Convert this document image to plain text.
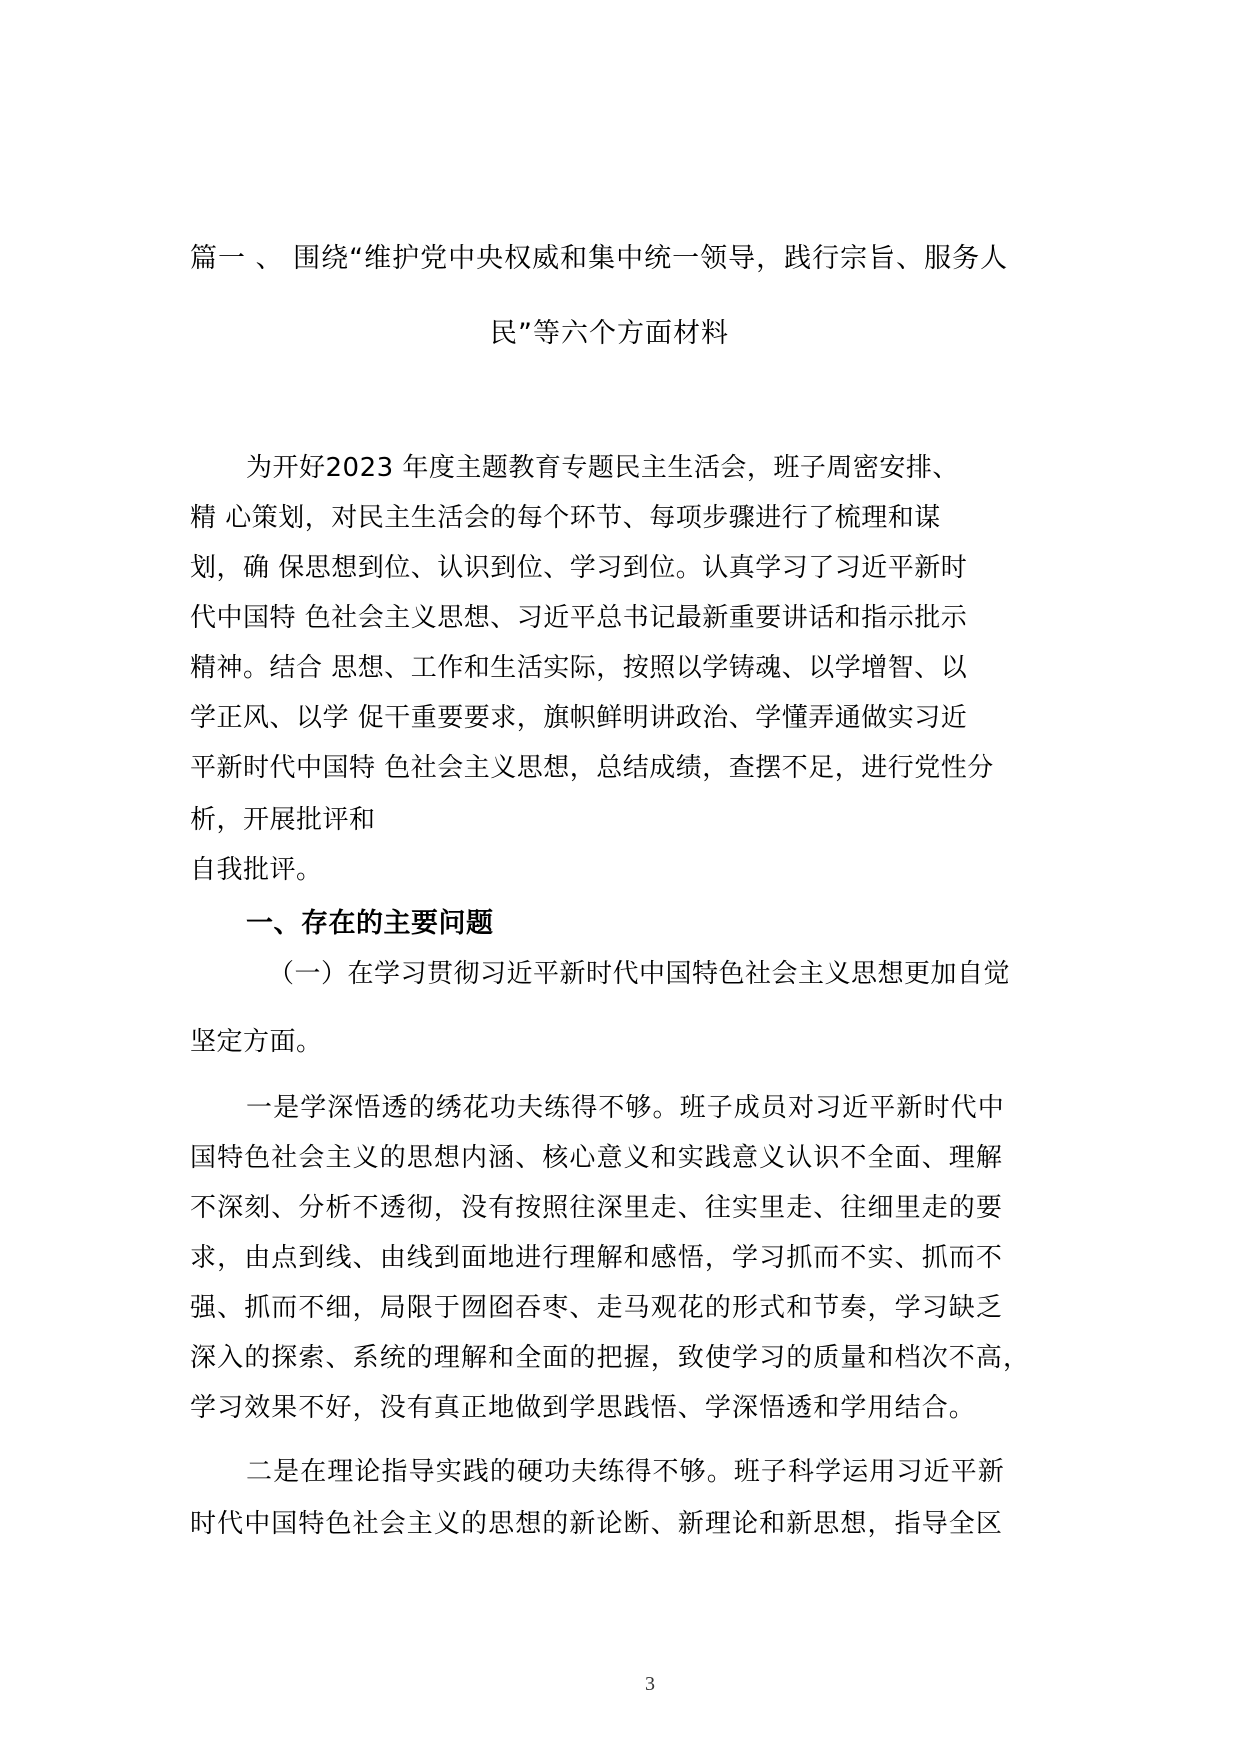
篇一 、 围绕“维护党中央权威和集中统一领导，践行宗旨、服务人
民”等六个方面材料
为开好2023 年度主题教育专题民主生活会，班子周密安排、
精 心策划，对民主生活会的每个环节、每项步骤进行了梳理和谋
划，确 保思想到位、认识到位、学习到位。认真学习了习近平新时
代中国特 色社会主义思想、习近平总书记最新重要讲话和指示批示
精神。结合 思想、工作和生活实际，按照以学铸魂、以学增智、以
学正风、以学 促干重要要求，旗帜鲜明讲政治、学懂弄通做实习近
平新时代中国特 色社会主义思想，总结成绩，查摆不足，进行党性分
析，开展批评和
自我批评。
一、存在的主要问题
（一）在学习贯彻习近平新时代中国特色社会主义思想更加自觉
坚定方面。
一是学深悟透的绣花功夫练得不够。班子成员对习近平新时代中
国特色社会主义的思想内涵、核心意义和实践意义认识不全面、理解
不深刻、分析不透彻，没有按照往深里走、往实里走、往细里走的要
求，由点到线、由线到面地进行理解和感悟，学习抓而不实、抓而不
强、抓而不细，局限于囫囵吞枣、走马观花的形式和节奏，学习缺乏
深入的探索、系统的理解和全面的把握，致使学习的质量和档次不高，
学习效果不好，没有真正地做到学思践悟、学深悟透和学用结合。
二是在理论指导实践的硬功夫练得不够。班子科学运用习近平新
时代中国特色社会主义的思想的新论断、新理论和新思想，指导全区
3
